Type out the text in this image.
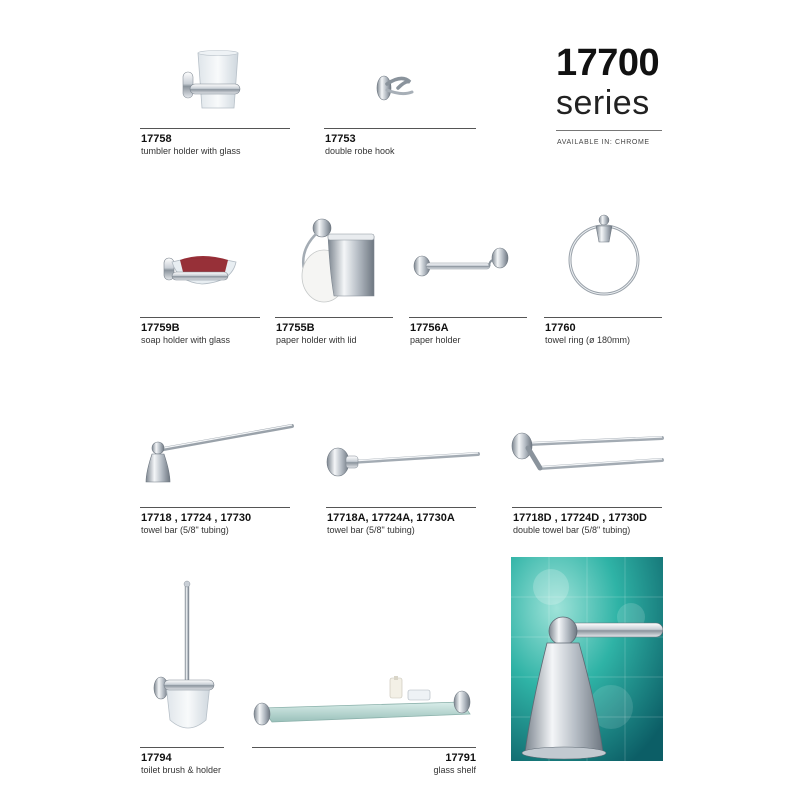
17700
series
AVAILABLE IN: CHROME
17758
tumbler holder with glass
17753
double robe hook
17759B
soap holder with glass
17755B
paper holder with lid
17756A
paper holder
17760
towel ring (ø 180mm)
17718 , 17724 , 17730
towel bar (5/8" tubing)
17718A, 17724A, 17730A
towel bar (5/8" tubing)
17718D , 17724D , 17730D
double towel bar (5/8" tubing)
17794
toilet brush & holder
17791
glass shelf
